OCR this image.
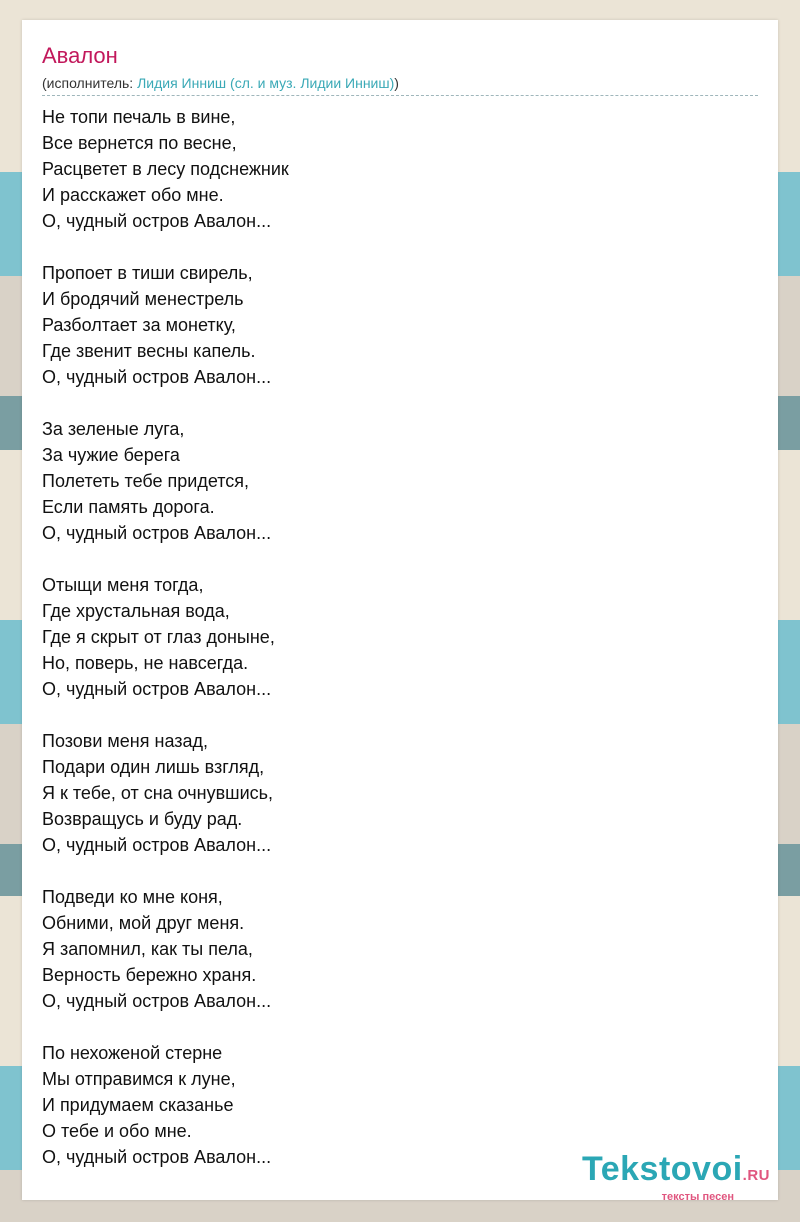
Авалон
(исполнитель: Лидия Инниш (сл. и муз. Лидии Инниш))
Не топи печаль в вине,
Все вернется по весне,
Расцветет в лесу подснежник
И расскажет обо мне.
О, чудный остров Авалон...
Пропоет в тиши свирель,
И бродячий менестрель
Разболтает за монетку,
Где звенит весны капель.
О, чудный остров Авалон...
За зеленые луга,
За чужие берега
Полететь тебе придется,
Если память дорога.
О, чудный остров Авалон...
Отыщи меня тогда,
Где хрустальная вода,
Где я скрыт от глаз доныне,
Но, поверь, не навсегда.
О, чудный остров Авалон...
Позови меня назад,
Подари один лишь взгляд,
Я к тебе, от сна очнувшись,
Возвращусь и буду рад.
О, чудный остров Авалон...
Подведи ко мне коня,
Обними, мой друг меня.
Я запомнил, как ты пела,
Верность бережно храня.
О, чудный остров Авалон...
По нехоженой стерне
Мы отправимся к луне,
И придумаем сказанье
О тебе и обо мне.
О, чудный остров Авалон...	Tekstovoi.RU
тексты песен
